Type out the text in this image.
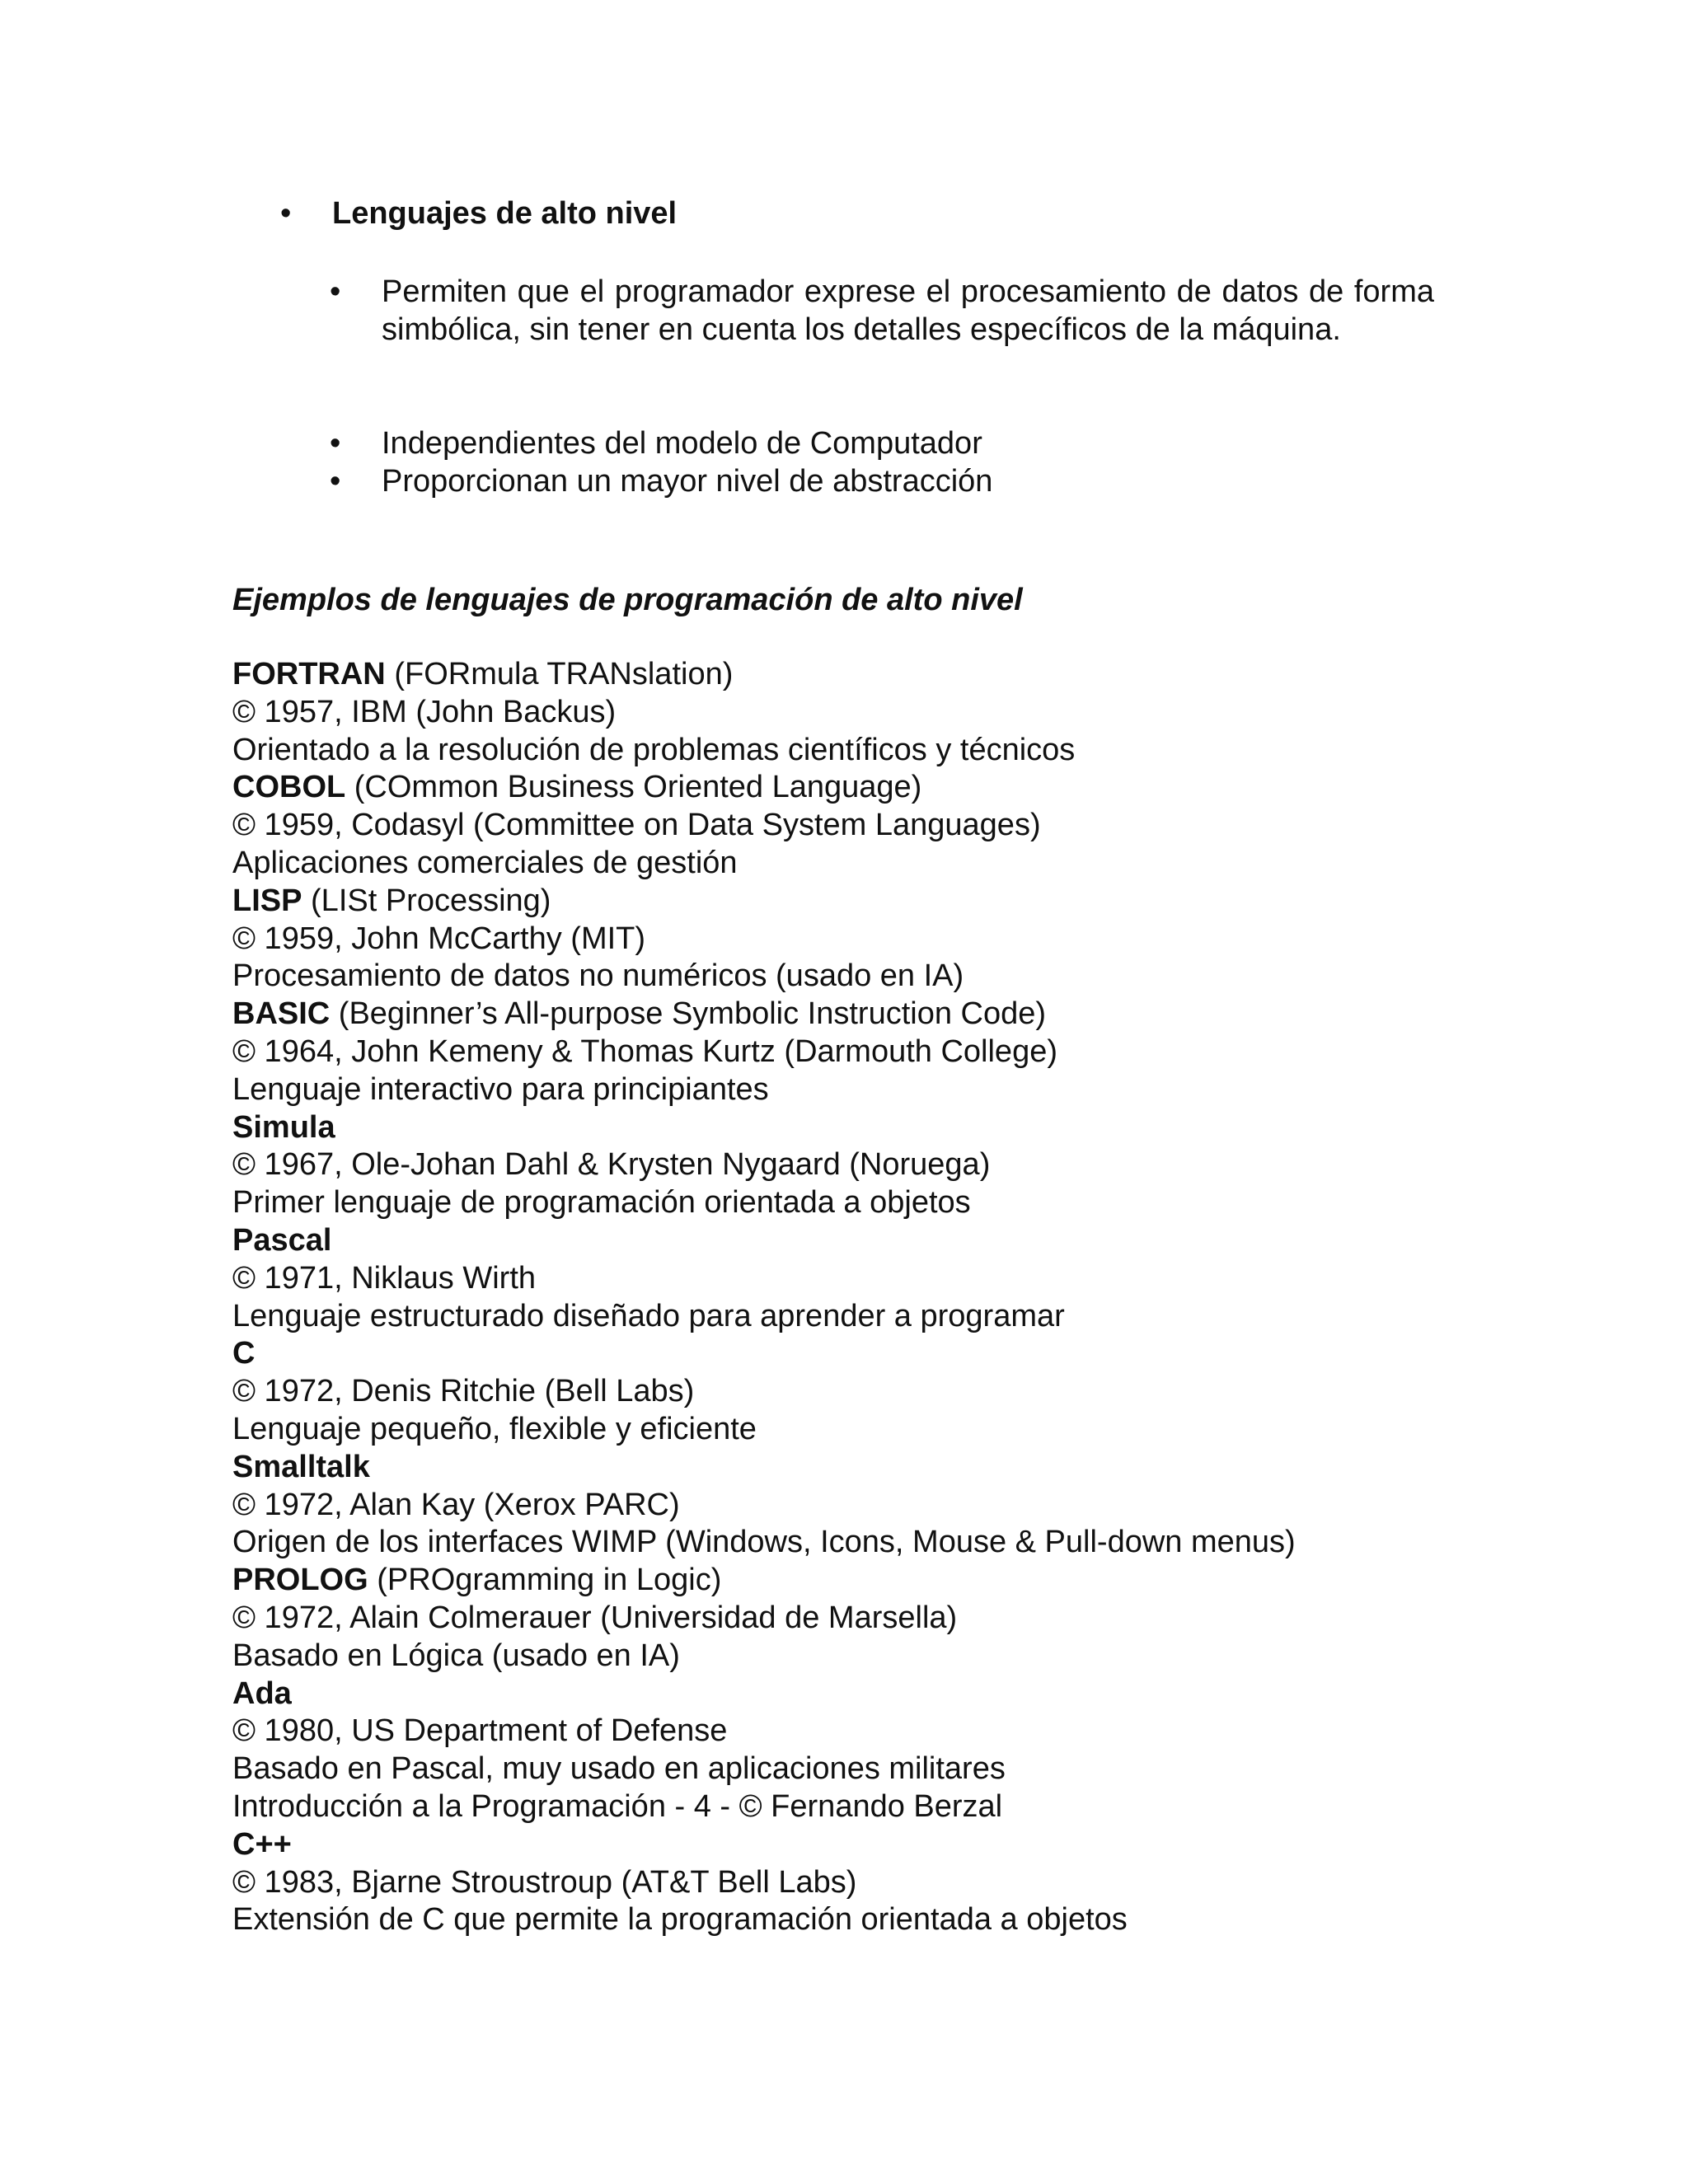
•	Lenguajes de alto nivel
•	Permiten que el programador exprese el procesamiento de datos de forma simbólica, sin tener en cuenta los detalles específicos de la máquina.
•	Independientes del modelo de Computador
•	Proporcionan un mayor nivel de abstracción
Ejemplos de lenguajes de programación de alto nivel
FORTRAN (FORmula TRANslation)
© 1957, IBM (John Backus)
Orientado a la resolución de problemas científicos y técnicos
COBOL (COmmon Business Oriented Language)
© 1959, Codasyl (Committee on Data System Languages)
Aplicaciones comerciales de gestión
LISP (LISt Processing)
© 1959, John McCarthy (MIT)
Procesamiento de datos no numéricos (usado en IA)
BASIC (Beginner’s All-purpose Symbolic Instruction Code)
© 1964, John Kemeny & Thomas Kurtz (Darmouth College)
Lenguaje interactivo para principiantes
Simula
© 1967, Ole-Johan Dahl & Krysten Nygaard (Noruega)
Primer lenguaje de programación orientada a objetos
Pascal
© 1971, Niklaus Wirth
Lenguaje estructurado diseñado para aprender a programar
C
© 1972, Denis Ritchie (Bell Labs)
Lenguaje pequeño, flexible y eficiente
Smalltalk
© 1972, Alan Kay (Xerox PARC)
Origen de los interfaces WIMP (Windows, Icons, Mouse & Pull-down menus)
PROLOG (PROgramming in Logic)
© 1972, Alain Colmerauer (Universidad de Marsella)
Basado en Lógica (usado en IA)
Ada
© 1980, US Department of Defense
Basado en Pascal, muy usado en aplicaciones militares
Introducción a la Programación - 4 - © Fernando Berzal
C++
© 1983, Bjarne Stroustroup (AT&T Bell Labs)
Extensión de C que permite la programación orientada a objetos
